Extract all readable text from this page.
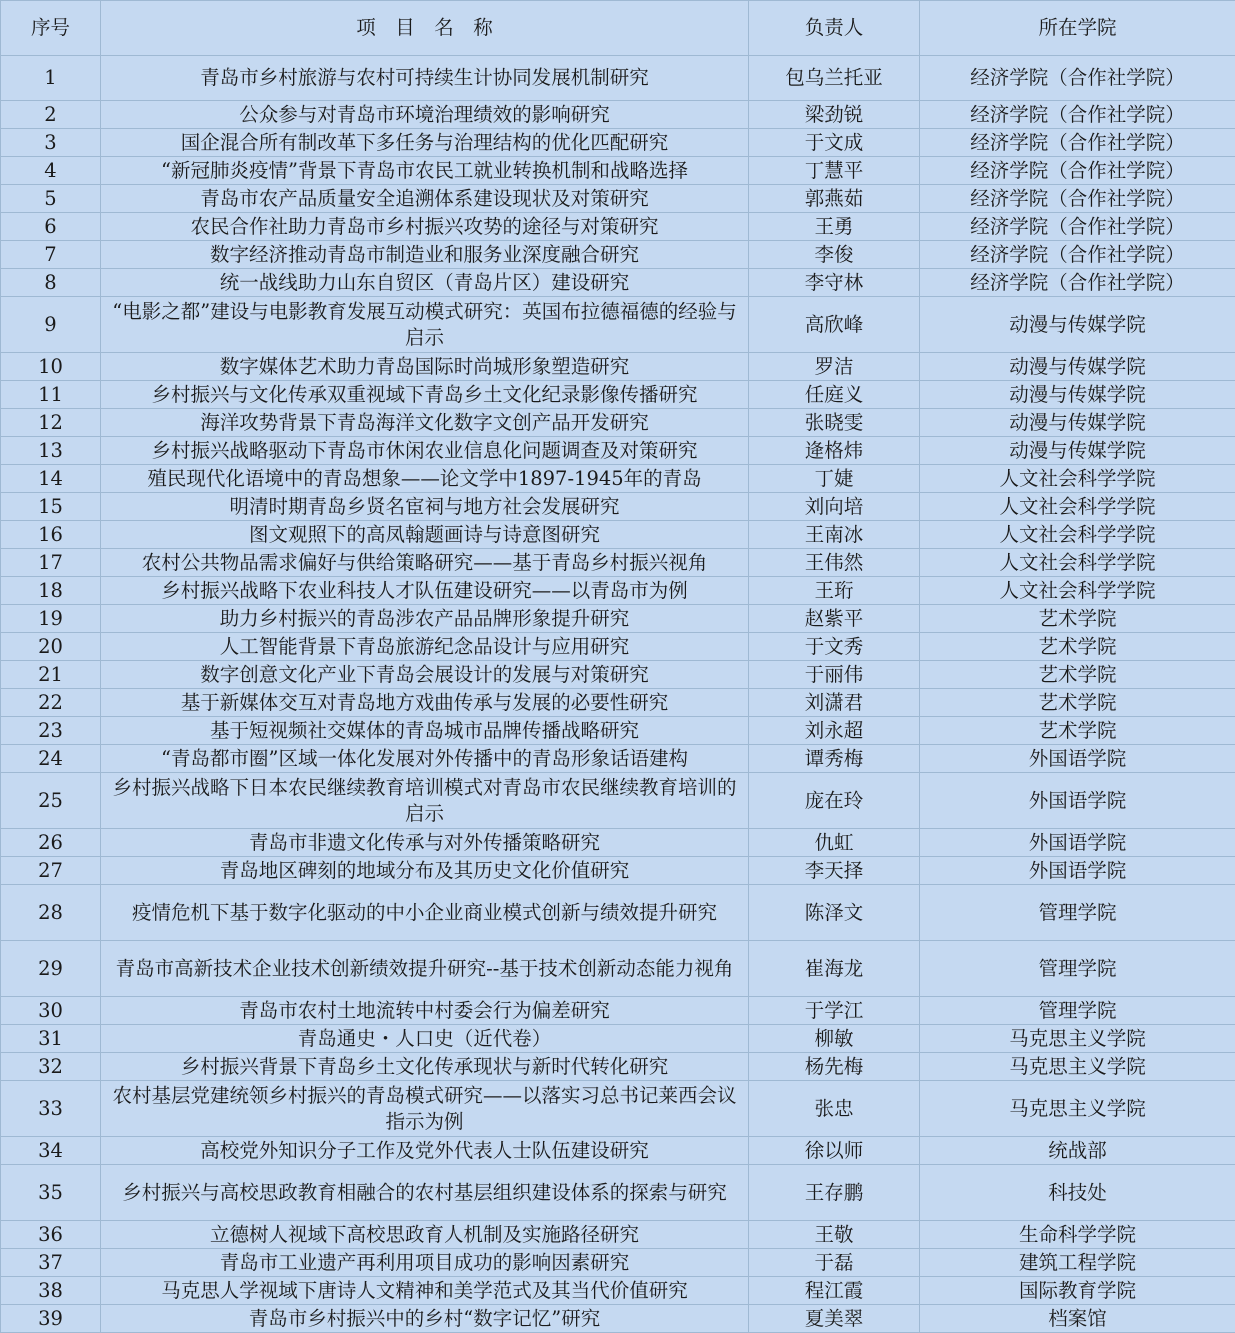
序号	项　目　名　称	负责人	所在学院
1	青岛市乡村旅游与农村可持续生计协同发展机制研究	包乌兰托亚	经济学院（合作社学院）
2	公众参与对青岛市环境治理绩效的影响研究	梁劲锐	经济学院（合作社学院）
3	国企混合所有制改革下多任务与治理结构的优化匹配研究	于文成	经济学院（合作社学院）
4	“新冠肺炎疫情”背景下青岛市农民工就业转换机制和战略选择	丁慧平	经济学院（合作社学院）
5	青岛市农产品质量安全追溯体系建设现状及对策研究	郭燕茹	经济学院（合作社学院）
6	农民合作社助力青岛市乡村振兴攻势的途径与对策研究	王勇	经济学院（合作社学院）
7	数字经济推动青岛市制造业和服务业深度融合研究	李俊	经济学院（合作社学院）
8	统一战线助力山东自贸区（青岛片区）建设研究	李守林	经济学院（合作社学院）
9	“电影之都”建设与电影教育发展互动模式研究：英国布拉德福德的经验与启示	高欣峰	动漫与传媒学院
10	数字媒体艺术助力青岛国际时尚城形象塑造研究	罗洁	动漫与传媒学院
11	乡村振兴与文化传承双重视域下青岛乡土文化纪录影像传播研究	任庭义	动漫与传媒学院
12	海洋攻势背景下青岛海洋文化数字文创产品开发研究	张晓雯	动漫与传媒学院
13	乡村振兴战略驱动下青岛市休闲农业信息化问题调查及对策研究	逄格炜	动漫与传媒学院
14	殖民现代化语境中的青岛想象——论文学中1897-1945年的青岛	丁婕	人文社会科学学院
15	明清时期青岛乡贤名宦祠与地方社会发展研究	刘向培	人文社会科学学院
16	图文观照下的高凤翰题画诗与诗意图研究	王南冰	人文社会科学学院
17	农村公共物品需求偏好与供给策略研究——基于青岛乡村振兴视角	王伟然	人文社会科学学院
18	乡村振兴战略下农业科技人才队伍建设研究——以青岛市为例	王珩	人文社会科学学院
19	助力乡村振兴的青岛涉农产品品牌形象提升研究	赵紫平	艺术学院
20	人工智能背景下青岛旅游纪念品设计与应用研究	于文秀	艺术学院
21	数字创意文化产业下青岛会展设计的发展与对策研究	于丽伟	艺术学院
22	基于新媒体交互对青岛地方戏曲传承与发展的必要性研究	刘潇君	艺术学院
23	基于短视频社交媒体的青岛城市品牌传播战略研究	刘永超	艺术学院
24	“青岛都市圈”区域一体化发展对外传播中的青岛形象话语建构	谭秀梅	外国语学院
25	乡村振兴战略下日本农民继续教育培训模式对青岛市农民继续教育培训的启示	庞在玲	外国语学院
26	青岛市非遗文化传承与对外传播策略研究	仇虹	外国语学院
27	青岛地区碑刻的地域分布及其历史文化价值研究	李天择	外国语学院
28	疫情危机下基于数字化驱动的中小企业商业模式创新与绩效提升研究	陈泽文	管理学院
29	青岛市高新技术企业技术创新绩效提升研究--基于技术创新动态能力视角	崔海龙	管理学院
30	青岛市农村土地流转中村委会行为偏差研究	于学江	管理学院
31	青岛通史・人口史（近代卷）	柳敏	马克思主义学院
32	乡村振兴背景下青岛乡土文化传承现状与新时代转化研究	杨先梅	马克思主义学院
33	农村基层党建统领乡村振兴的青岛模式研究——以落实习总书记莱西会议指示为例	张忠	马克思主义学院
34	高校党外知识分子工作及党外代表人士队伍建设研究	徐以师	统战部
35	乡村振兴与高校思政教育相融合的农村基层组织建设体系的探索与研究	王存鹏	科技处
36	立德树人视域下高校思政育人机制及实施路径研究	王敬	生命科学学院
37	青岛市工业遗产再利用项目成功的影响因素研究	于磊	建筑工程学院
38	马克思人学视域下唐诗人文精神和美学范式及其当代价值研究	程江霞	国际教育学院
39	青岛市乡村振兴中的乡村“数字记忆”研究	夏美翠	档案馆
